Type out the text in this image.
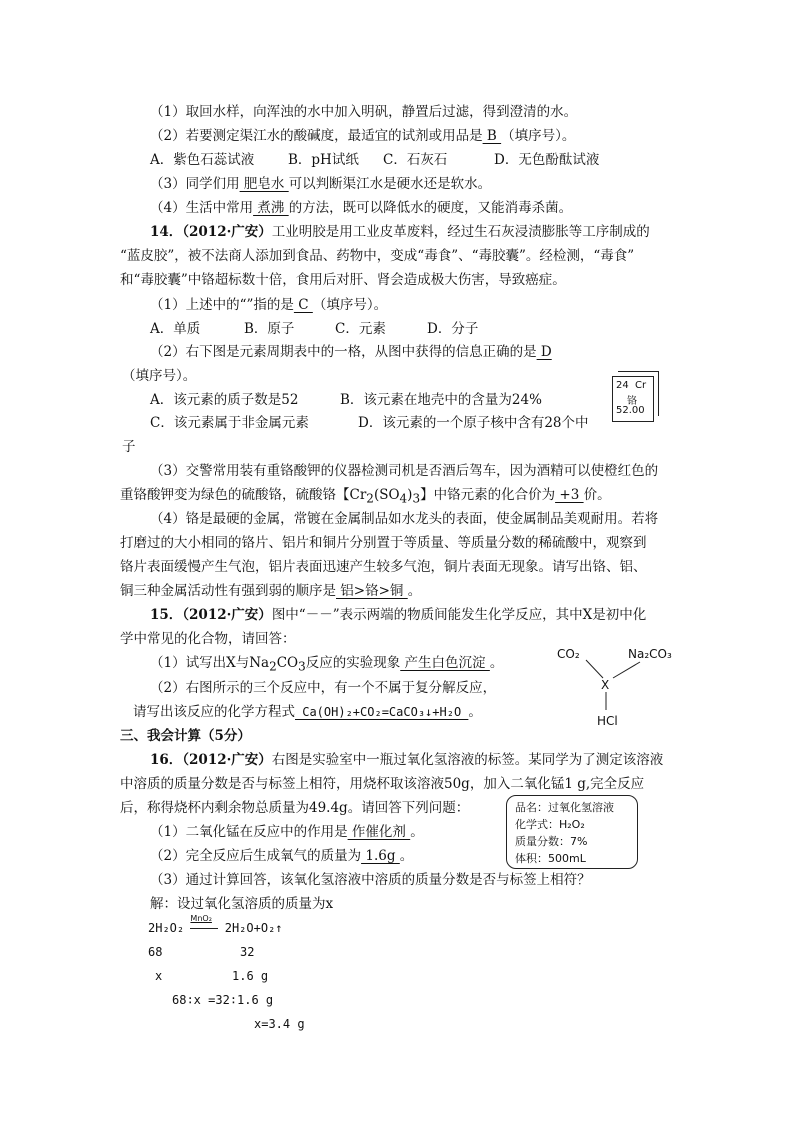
（1）取回水样，向浑浊的水中加入明矾，静置后过滤，得到澄清的水。
（2）若要测定渠江水的酸碱度，最适宜的试剂或用品是 B （填序号）。
A．紫色石蕊试液	B．pH试纸 C．石灰石	D．无色酚酞试液
（3）同学们用 肥皂水 可以判断渠江水是硬水还是软水。
（4）生活中常用 煮沸 的方法，既可以降低水的硬度，又能消毒杀菌。
14．（2012·广安）工业明胶是用工业皮革废料，经过生石灰浸渍膨胀等工序制成的
“蓝皮胶”，被不法商人添加到食品、药物中，变成“毒食”、“毒胶囊”。经检测，“毒食”
和“毒胶囊”中铬超标数十倍，食用后对肝、肾会造成极大伤害，导致癌症。
（1）上述中的“”指的是 C （填序号）。
A．单质	B．原子	C．元素	D．分子
（2）右下图是元素周期表中的一格，从图中获得的信息正确的是 D
（填序号）。
A．该元素的质子数是52	B．该元素在地壳中的含量为24%
C．该元素属于非金属元素	D．该元素的一个原子核中含有28个中
子
24 Cr
铬
52.00
（3）交警常用装有重铬酸钾的仪器检测司机是否酒后驾车，因为酒精可以使橙红色的
重铬酸钾变为绿色的硫酸铬，硫酸铬【$Cr_2(SO_4)_3$】中铬元素的化合价为 +3 价。
（4）铬是最硬的金属，常镀在金属制品如水龙头的表面，使金属制品美观耐用。若将
打磨过的大小相同的铬片、铝片和铜片分别置于等质量、等质量分数的稀硫酸中，观察到
铬片表面缓慢产生气泡，铝片表面迅速产生较多气泡，铜片表面无现象。请写出铬、铝、
铜三种金属活动性有强到弱的顺序是 铝>铬>铜 。
15．（2012·广安）图中“－－”表示两端的物质间能发生化学反应，其中X是初中化
学中常见的化合物，请回答：
（1）试写出X与$Na_2CO_3$反应的实验现象 产生白色沉淀 。
（2）右图所示的三个反应中，有一个不属于复分解反应，
请写出该反应的化学方程式 Ca(OH)₂+CO₂=CaCO₃↓+H₂O 。
CO₂	Na₂CO₃
X
HCl
三、我会计算（5分）
16．（2012·广安）右图是实验室中一瓶过氧化氢溶液的标签。某同学为了测定该溶液
中溶质的质量分数是否与标签上相符，用烧杯取该溶液50g，加入二氧化锰1 g,完全反应
后，称得烧杯内剩余物总质量为49.4g。请回答下列问题：
（1）二氧化锰在反应中的作用是 作催化剂 。
（2）完全反应后生成氧气的质量为 1.6g 。
（3）通过计算回答，该氧化氢溶液中溶质的质量分数是否与标签上相符？
品名：过氧化氢溶液
化学式：H₂O₂
质量分数：7%
体积：500mL
解：设过氧化氢溶质的质量为x
2H₂O₂
MnO₂
2H₂O+O₂↑
68	32
x	1.6 g
68∶x =32∶1.6 g
x=3.4 g
